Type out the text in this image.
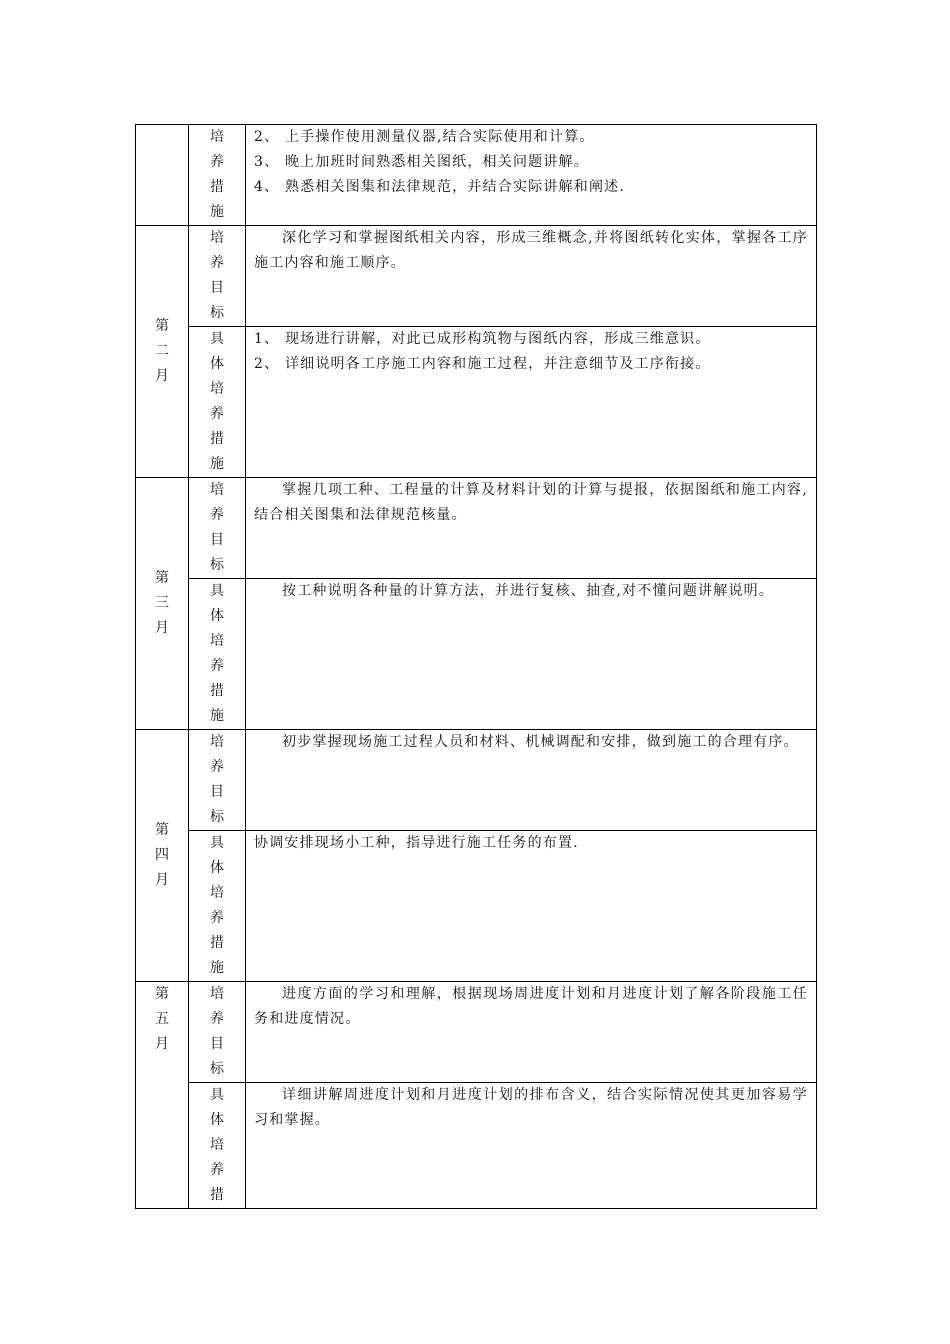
	培养措施	2、 上手操作使用测量仪器,结合实际使用和计算。
3、 晚上加班时间熟悉相关图纸，相关问题讲解。
4、 熟悉相关图集和法律规范，并结合实际讲解和阐述.

第二月	培养目标	深化学习和掌握图纸相关内容，形成三维概念,并将图纸转化实体，掌握各工序施工内容和施工顺序。

	具体培养措施	1、 现场进行讲解，对此已成形构筑物与图纸内容，形成三维意识。
2、 详细说明各工序施工内容和施工过程，并注意细节及工序衔接。

第三月	培养目标	掌握几项工种、工程量的计算及材料计划的计算与提报，依据图纸和施工内容,结合相关图集和法律规范核量。

	具体培养措施	按工种说明各种量的计算方法，并进行复核、抽查,对不懂问题讲解说明。

第四月	培养目标	初步掌握现场施工过程人员和材料、机械调配和安排，做到施工的合理有序。

	具体培养措施	协调安排现场小工种，指导进行施工任务的布置.

第五月	培养目标	进度方面的学习和理解，根据现场周进度计划和月进度计划了解各阶段施工任务和进度情况。

	具体培养措	详细讲解周进度计划和月进度计划的排布含义，结合实际情况使其更加容易学习和掌握。
